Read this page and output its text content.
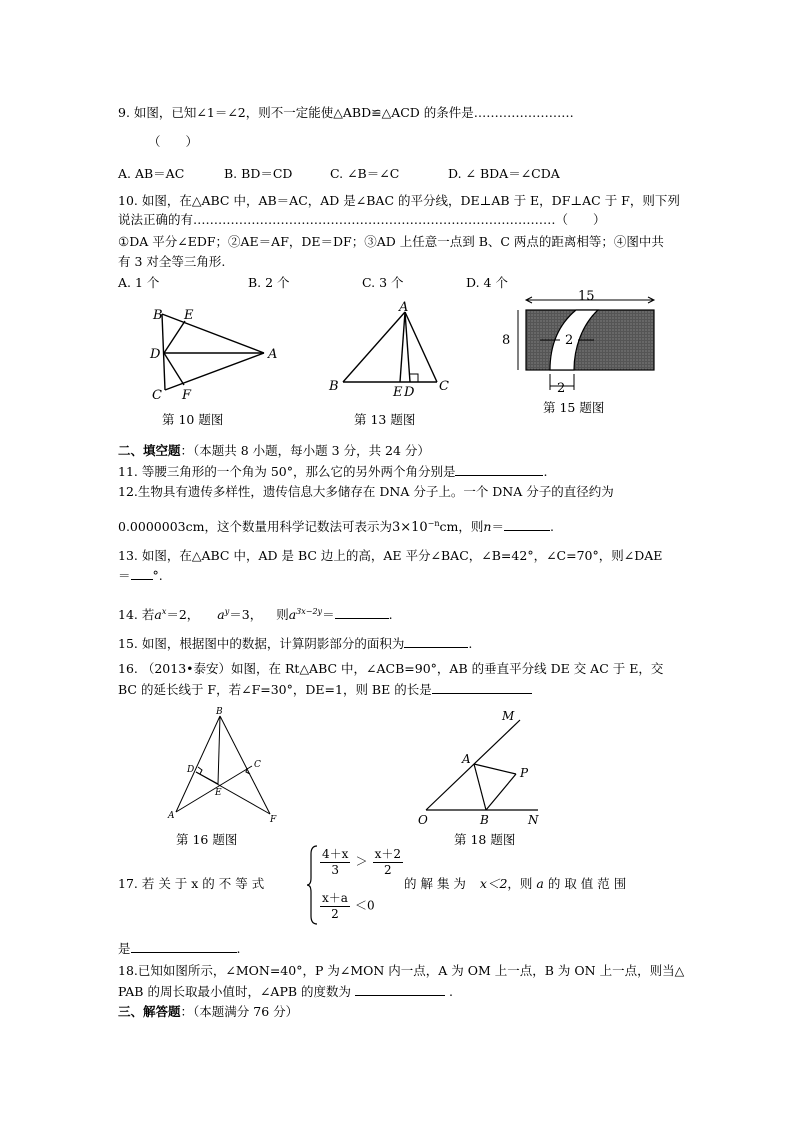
9. 如图，已知∠1＝∠2，则不一定能使△ABD≌△ACD 的条件是……………………
（　　）
A. AB＝AC	B. BD＝CD	C. ∠B＝∠C	D. ∠ BDA＝∠CDA
10. 如图，在△ABC 中，AB＝AC，AD 是∠BAC 的平分线，DE⊥AB 于 E，DF⊥AC 于 F，则下列
说法正确的有……………………………………………………………………………（　　）
①DA 平分∠EDF；②AE＝AF，DE＝DF；③AD 上任意一点到 B、C 两点的距离相等；④图中共
有 3 对全等三角形.
A. 1 个	B. 2 个	C. 3 个	D. 4 个
B E
D	A
C F
第 10 题图
A
B	E D C
第 13 题图
15
8	2
2
第 15 题图
二、填空题：（本题共 8 小题，每小题 3 分，共 24 分）
11. 等腰三角形的一个角为 50°，那么它的另外两个角分别是	.
12.生物具有遗传多样性，遗传信息大多储存在 DNA 分子上。一个 DNA 分子的直径约为
0.0000003cm，这个数量用科学记数法可表示为$3\times 10^{-n}cm$，则n＝	.
13. 如图，在△ABC 中，AD 是 BC 边上的高，AE 平分∠BAC，∠B=42°，∠C=70°，则∠DAE
＝ °.
14. 若$a^x=2$， $a^y=3$， 则$a^{3x-2y}=$	.
15. 如图，根据图中的数据，计算阴影部分的面积为	.
16. （2013•泰安）如图，在 Rt△ABC 中，∠ACB=90°，AB 的垂直平分线 DE 交 AC 于 E，交
BC 的延长线于 F，若∠F=30°，DE=1，则 BE 的长是
B
D	C
E
A	F
第 16 题图
M
A
P
O	B	N
第 18 题图
17. 若 关 于 x 的 不 等 式
$\frac{4+x}{3} > \frac{x+2}{2}$
$\frac{x+a}{2} <0$
的 解 集 为 x＜2，则 a 的 取 值 范 围
是	.
18.已知如图所示，∠MON=40°，P 为∠MON 内一点，A 为 OM 上一点，B 为 ON 上一点，则当△
PAB 的周长取最小值时，∠APB 的度数为	.
三、解答题：（本题满分 76 分）
